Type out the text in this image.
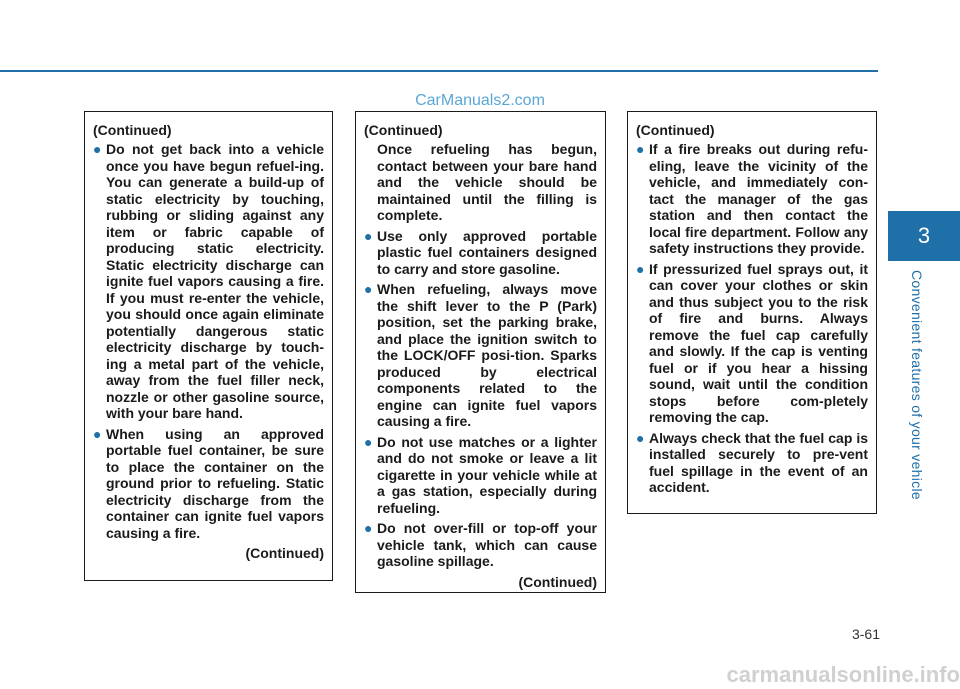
CarManuals2.com
(Continued)
● Do not get back into a vehicle once you have begun refuel-ing. You can generate a build-up of static electricity by touching, rubbing or sliding against any item or fabric capable of producing static electricity. Static electricity discharge can ignite fuel vapors causing a fire. If you must re-enter the vehicle, you should once again eliminate potentially dangerous static electricity discharge by touch-ing a metal part of the vehicle, away from the fuel filler neck, nozzle or other gasoline source, with your bare hand.
● When using an approved portable fuel container, be sure to place the container on the ground prior to refueling. Static electricity discharge from the container can ignite fuel vapors causing a fire.
(Continued)
(Continued)
Once refueling has begun, contact between your bare hand and the vehicle should be maintained until the filling is complete.
● Use only approved portable plastic fuel containers designed to carry and store gasoline.
● When refueling, always move the shift lever to the P (Park) position, set the parking brake, and place the ignition switch to the LOCK/OFF posi-tion. Sparks produced by electrical components related to the engine can ignite fuel vapors causing a fire.
● Do not use matches or a lighter and do not smoke or leave a lit cigarette in your vehicle while at a gas station, especially during refueling.
● Do not over-fill or top-off your vehicle tank, which can cause gasoline spillage.
(Continued)
(Continued)
● If a fire breaks out during refu-eling, leave the vicinity of the vehicle, and immediately con-tact the manager of the gas station and then contact the local fire department. Follow any safety instructions they provide.
● If pressurized fuel sprays out, it can cover your clothes or skin and thus subject you to the risk of fire and burns. Always remove the fuel cap carefully and slowly. If the cap is venting fuel or if you hear a hissing sound, wait until the condition stops before com-pletely removing the cap.
● Always check that the fuel cap is installed securely to pre-vent fuel spillage in the event of an accident.
3
Convenient features of your vehicle
3-61
carmanualsonline.info
